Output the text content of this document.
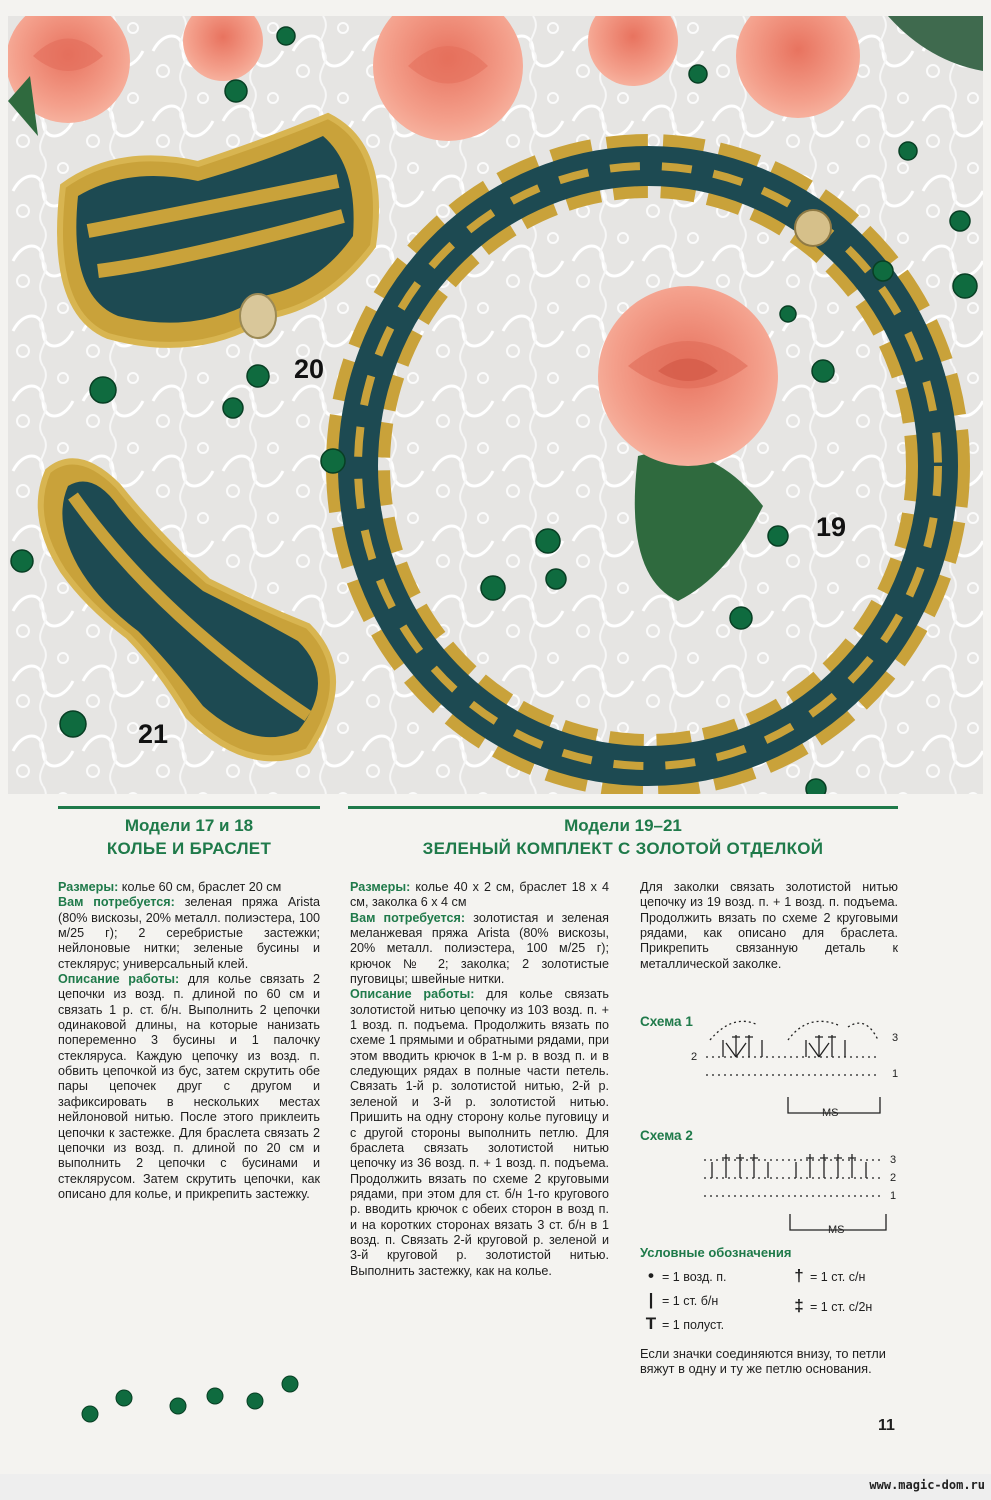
20
19
21
Модели 17 и 18
КОЛЬЕ И БРАСЛЕТ

Размеры: колье 60 см, браслет 20 см

Вам потребуется: зеленая пряжа Arista (80% вискозы, 20% металл. полиэстера, 100 м/25 г); 2 серебристые застежки; нейлоновые нитки; зеленые бусины и стеклярус; универсальный клей.

Описание работы: для колье связать 2 цепочки из возд. п. длиной по 60 см и связать 1 р. ст. б/н. Выполнить 2 цепочки одинаковой длины, на которые нанизать попеременно 3 бусины и 1 палочку стекляруса. Каждую цепочку из возд. п. обвить цепочкой из бус, затем скрутить обе пары цепочек друг с другом и зафиксировать в нескольких местах нейлоновой нитью. После этого приклеить цепочки к застежке. Для браслета связать 2 цепочки из возд. п. длиной по 20 см и выполнить 2 цепочки с бусинами и стеклярусом. Затем скрутить цепочки, как описано для колье, и прикрепить застежку.

Модели 19–21
ЗЕЛЕНЫЙ КОМПЛЕКТ С ЗОЛОТОЙ ОТДЕЛКОЙ

Размеры: колье 40 х 2 см, браслет 18 х 4 см, заколка 6 х 4 см

Вам потребуется: золотистая и зеленая меланжевая пряжа Arista (80% вискозы, 20% металл. полиэстера, 100 м/25 г); крючок № 2; заколка; 2 золотистые пуговицы; швейные нитки.

Описание работы: для колье связать золотистой нитью цепочку из 103 возд. п. + 1 возд. п. подъема. Продолжить вязать по схеме 1 прямыми и обратными рядами, при этом вводить крючок в 1-м р. в возд п. и в следующих рядах в полные части петель. Связать 1-й р. золотистой нитью, 2-й р. зеленой и 3-й р. золотистой нитью. Пришить на одну сторону колье пуговицу и с другой стороны выполнить петлю. Для браслета связать золотистой нитью цепочку из 36 возд. п. + 1 возд. п. подъема. Продолжить вязать по схеме 2 круговыми рядами, при этом для ст. б/н 1-го кругового р. вводить крючок с обеих сторон в возд п. и на коротких сторонах вязать 3 ст. б/н в 1 возд. п. Связать 2-й круговой р. зеленой и 3-й круговой р. золотистой нитью. Выполнить застежку, как на колье.

Для заколки связать золотистой нитью цепочку из 19 возд. п. + 1 возд. п. подъема. Продолжить вязать по схеме 2 круговыми рядами, как описано для браслета. Прикрепить связанную деталь к металлической заколке.

Схема 1
2
3
1
MS
Схема 2
3
2
1
MS
Условные обозначения
• = 1 возд. п.
| = 1 ст. б/н
T = 1 полуст.
† = 1 ст. с/н
‡ = 1 ст. с/2н
Если значки соединяются внизу, то петли вяжут в одну и ту же петлю основания.
11
www.magic-dom.ru
